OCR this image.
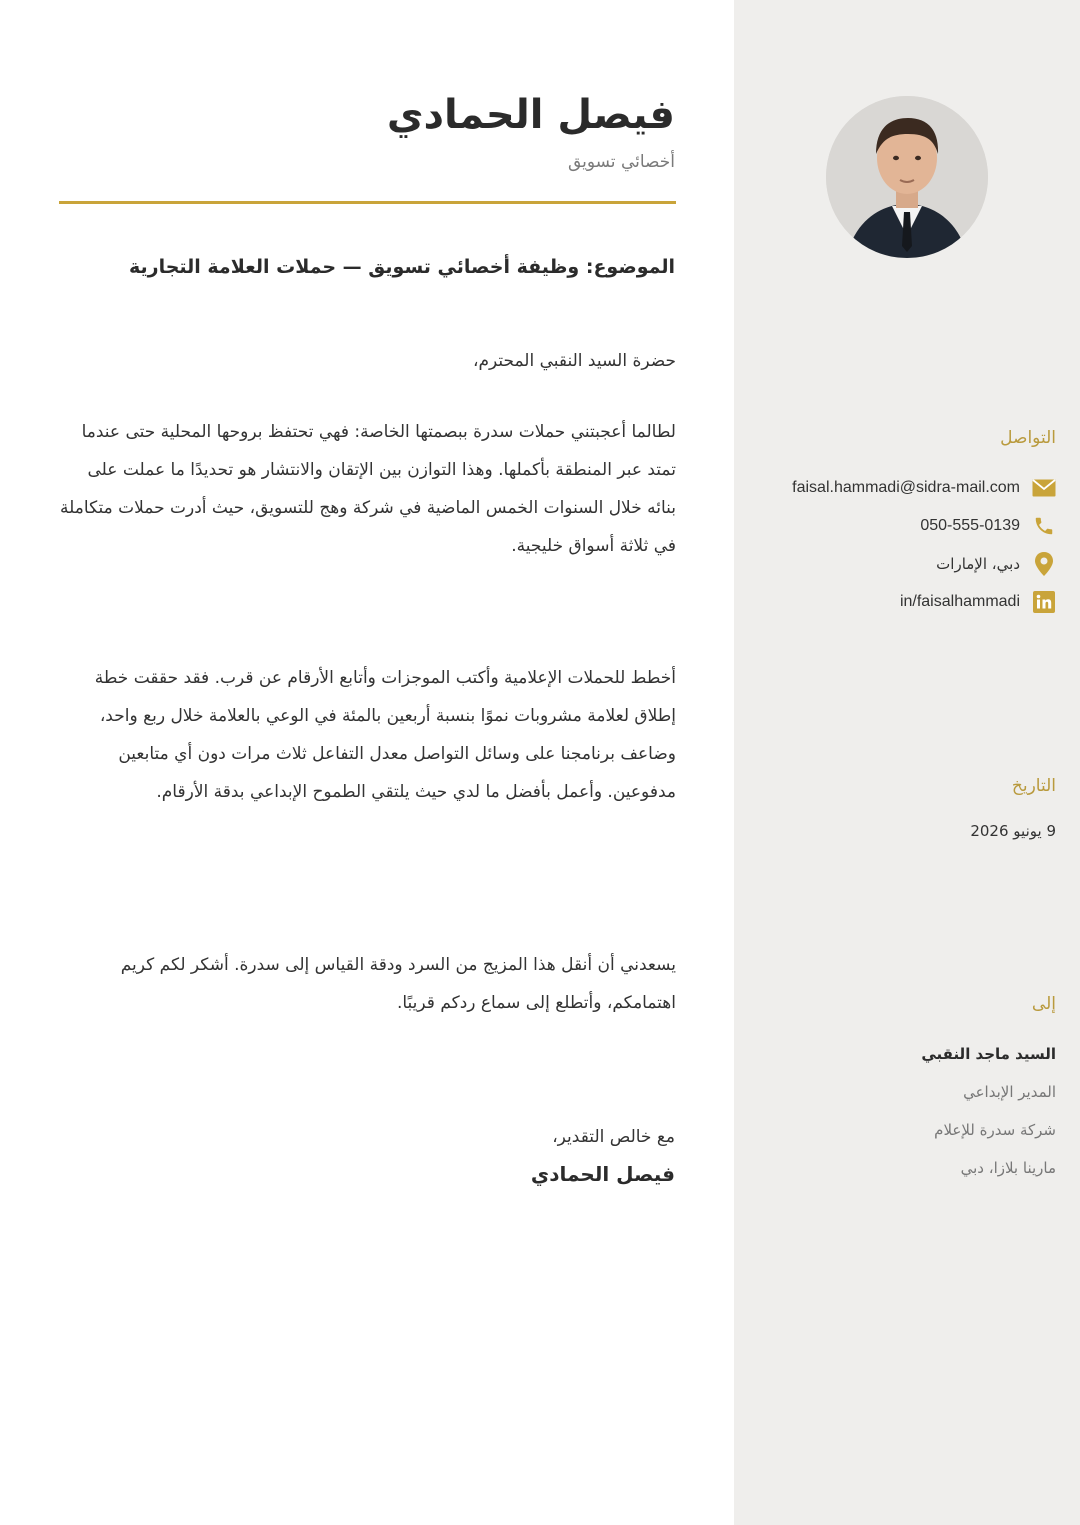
التواصل
faisal.hammadi@sidra-mail.com
050-555-0139
دبي، الإمارات
in/faisalhammadi
التاريخ
9 يونيو 2026
إلى
السيد ماجد النقبي
المدير الإبداعي
شركة سدرة للإعلام
مارينا بلازا، دبي
فيصل الحمادي
أخصائي تسويق
الموضوع: وظيفة أخصائي تسويق — حملات العلامة التجارية
حضرة السيد النقبي المحترم،
لطالما أعجبتني حملات سدرة ببصمتها الخاصة: فهي تحتفظ بروحها المحلية حتى عندما تمتد عبر المنطقة بأكملها. وهذا التوازن بين الإتقان والانتشار هو تحديدًا ما عملت على بنائه خلال السنوات الخمس الماضية في شركة وهج للتسويق، حيث أدرت حملات متكاملة في ثلاثة أسواق خليجية.
أخطط للحملات الإعلامية وأكتب الموجزات وأتابع الأرقام عن قرب. فقد حققت خطة إطلاق لعلامة مشروبات نموًا بنسبة أربعين بالمئة في الوعي بالعلامة خلال ربع واحد، وضاعف برنامجنا على وسائل التواصل معدل التفاعل ثلاث مرات دون أي متابعين مدفوعين. وأعمل بأفضل ما لدي حيث يلتقي الطموح الإبداعي بدقة الأرقام.
يسعدني أن أنقل هذا المزيج من السرد ودقة القياس إلى سدرة. أشكر لكم كريم اهتمامكم، وأتطلع إلى سماع ردكم قريبًا.
مع خالص التقدير،
فيصل الحمادي
